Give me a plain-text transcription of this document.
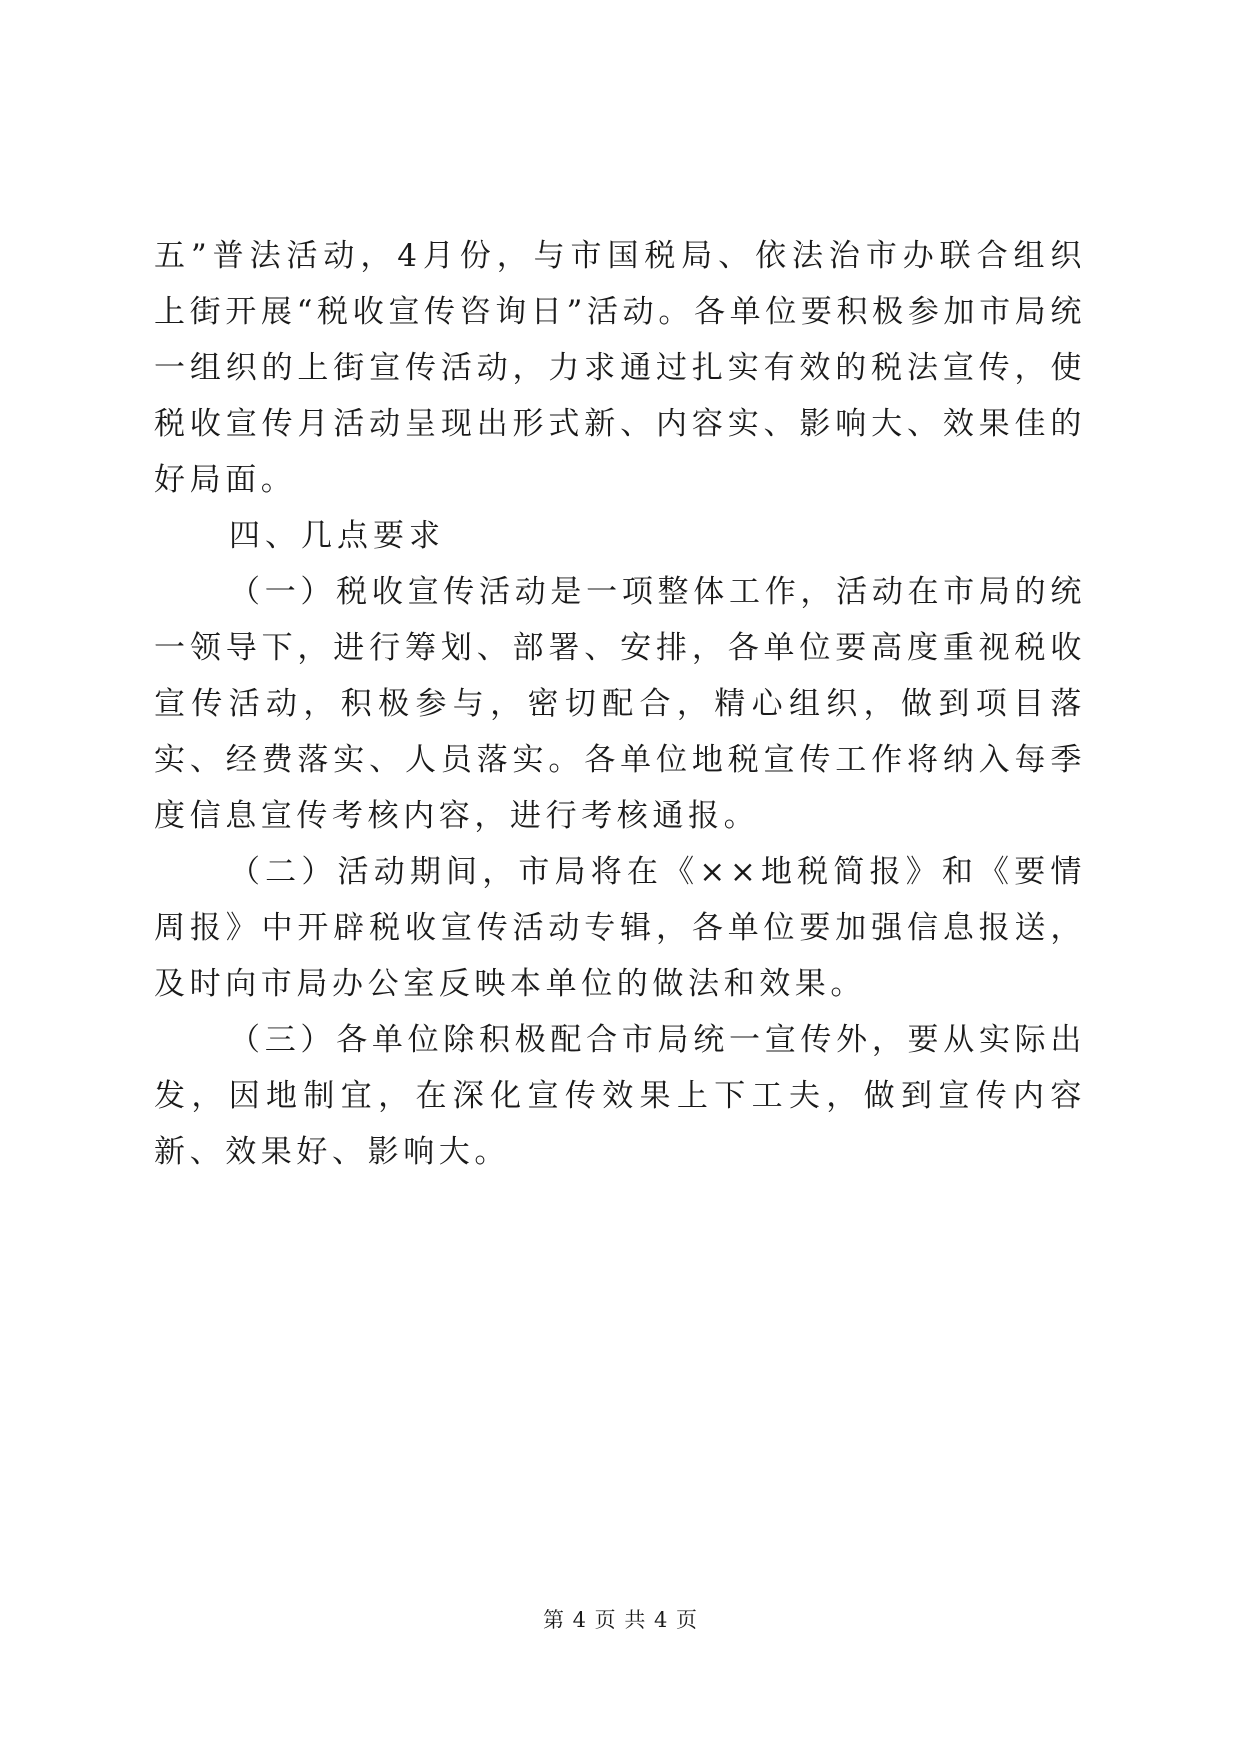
五”普法活动，4月份，与市国税局、依法治市办联合组织上街开展“税收宣传咨询日”活动。各单位要积极参加市局统一组织的上街宣传活动，力求通过扎实有效的税法宣传，使税收宣传月活动呈现出形式新、内容实、影响大、效果佳的好局面。

四、几点要求

（一）税收宣传活动是一项整体工作，活动在市局的统一领导下，进行筹划、部署、安排，各单位要高度重视税收宣传活动，积极参与，密切配合，精心组织，做到项目落实、经费落实、人员落实。各单位地税宣传工作将纳入每季度信息宣传考核内容，进行考核通报。

（二）活动期间，市局将在《××地税简报》和《要情周报》中开辟税收宣传活动专辑，各单位要加强信息报送，及时向市局办公室反映本单位的做法和效果。

（三）各单位除积极配合市局统一宣传外，要从实际出发，因地制宜，在深化宣传效果上下工夫，做到宣传内容新、效果好、影响大。

第 4 页 共 4 页
